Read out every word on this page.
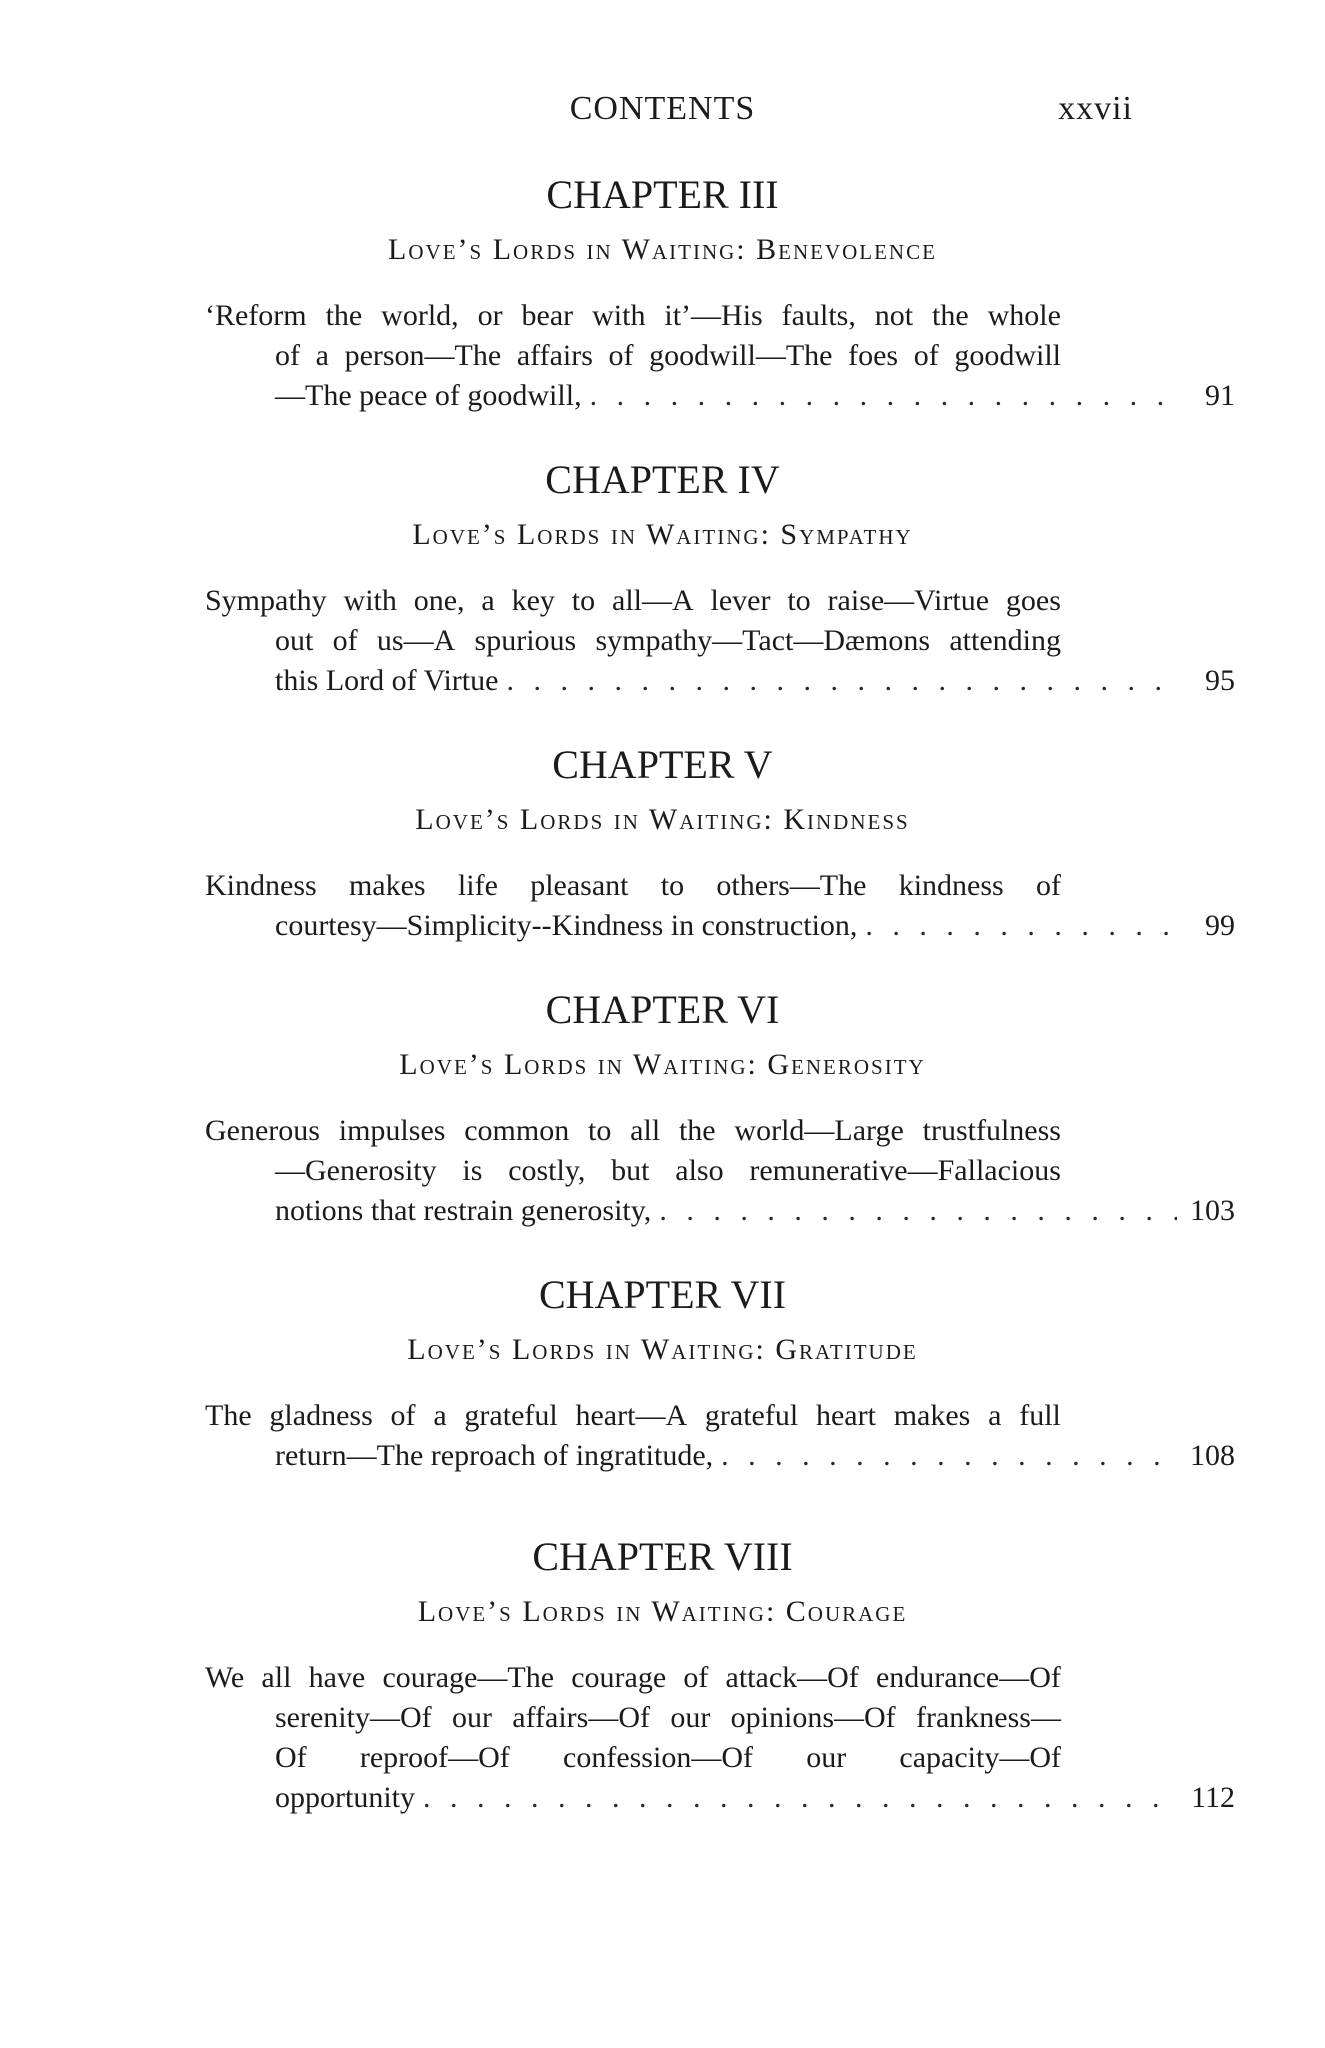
CONTENTS	xxvii
CHAPTER III
Love’s Lords in Waiting: Benevolence
‘Reform the world, or bear with it’—His faults, not the whole
of a person—The affairs of goodwill—The foes of goodwill
—The peace of goodwill, . . .	91
CHAPTER IV
Love’s Lords in Waiting: Sympathy
Sympathy with one, a key to all—A lever to raise—Virtue goes
out of us—A spurious sympathy—Tact—Dæmons attending
this Lord of Virtue . . .	95
CHAPTER V
Love’s Lords in Waiting: Kindness
Kindness makes life pleasant to others—The kindness of
courtesy—Simplicity--Kindness in construction, . . .	99
CHAPTER VI
Love’s Lords in Waiting: Generosity
Generous impulses common to all the world—Large trustfulness
—Generosity is costly, but also remunerative—Fallacious
notions that restrain generosity, . . .	103
CHAPTER VII
Love’s Lords in Waiting: Gratitude
The gladness of a grateful heart—A grateful heart makes a full
return—The reproach of ingratitude, . . .	108
CHAPTER VIII
Love’s Lords in Waiting: Courage
We all have courage—The courage of attack—Of endurance—Of
serenity—Of our affairs—Of our opinions—Of frankness—
Of reproof—Of confession—Of our capacity—Of
opportunity . . .	112
